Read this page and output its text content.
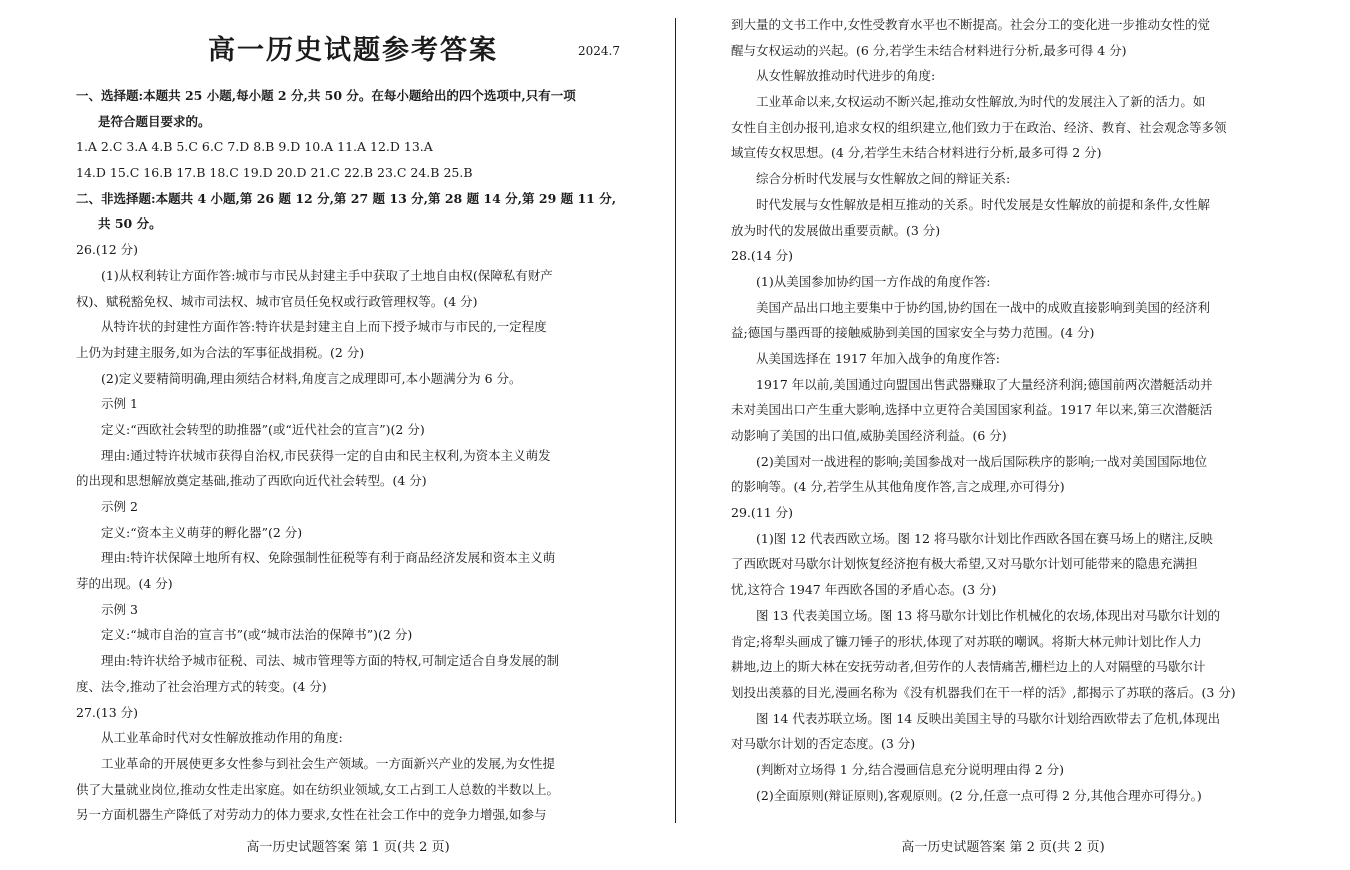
高一历史试题参考答案	2024.7
一、选择题:本题共 25 小题,每小题 2 分,共 50 分。在每小题给出的四个选项中,只有一项
是符合题目要求的。
1.A 2.C 3.A 4.B 5.C 6.C 7.D 8.B 9.D 10.A 11.A 12.D 13.A
14.D 15.C 16.B 17.B 18.C 19.D 20.D 21.C 22.B 23.C 24.B 25.B
二、非选择题:本题共 4 小题,第 26 题 12 分,第 27 题 13 分,第 28 题 14 分,第 29 题 11 分,
共 50 分。
26.(12 分)
(1)从权利转让方面作答:城市与市民从封建主手中获取了土地自由权(保障私有财产
权)、赋税豁免权、城市司法权、城市官员任免权或行政管理权等。(4 分)
从特许状的封建性方面作答:特许状是封建主自上而下授予城市与市民的,一定程度
上仍为封建主服务,如为合法的军事征战捐税。(2 分)
(2)定义要精简明确,理由须结合材料,角度言之成理即可,本小题满分为 6 分。
示例 1
定义:“西欧社会转型的助推器”(或“近代社会的宣言”)(2 分)
理由:通过特许状城市获得自治权,市民获得一定的自由和民主权利,为资本主义萌发
的出现和思想解放奠定基础,推动了西欧向近代社会转型。(4 分)
示例 2
定义:“资本主义萌芽的孵化器”(2 分)
理由:特许状保障土地所有权、免除强制性征税等有利于商品经济发展和资本主义萌
芽的出现。(4 分)
示例 3
定义:“城市自治的宣言书”(或“城市法治的保障书”)(2 分)
理由:特许状给予城市征税、司法、城市管理等方面的特权,可制定适合自身发展的制
度、法令,推动了社会治理方式的转变。(4 分)
27.(13 分)
从工业革命时代对女性解放推动作用的角度:
工业革命的开展使更多女性参与到社会生产领域。一方面新兴产业的发展,为女性提
供了大量就业岗位,推动女性走出家庭。如在纺织业领域,女工占到工人总数的半数以上。
另一方面机器生产降低了对劳动力的体力要求,女性在社会工作中的竞争力增强,如参与
高一历史试题答案 第 1 页(共 2 页)
到大量的文书工作中,女性受教育水平也不断提高。社会分工的变化进一步推动女性的觉
醒与女权运动的兴起。(6 分,若学生未结合材料进行分析,最多可得 4 分)
从女性解放推动时代进步的角度:
工业革命以来,女权运动不断兴起,推动女性解放,为时代的发展注入了新的活力。如
女性自主创办报刊,追求女权的组织建立,他们致力于在政治、经济、教育、社会观念等多领
域宣传女权思想。(4 分,若学生未结合材料进行分析,最多可得 2 分)
综合分析时代发展与女性解放之间的辩证关系:
时代发展与女性解放是相互推动的关系。时代发展是女性解放的前提和条件,女性解
放为时代的发展做出重要贡献。(3 分)
28.(14 分)
(1)从美国参加协约国一方作战的角度作答:
美国产品出口地主要集中于协约国,协约国在一战中的成败直接影响到美国的经济利
益;德国与墨西哥的接触威胁到美国的国家安全与势力范围。(4 分)
从美国选择在 1917 年加入战争的角度作答:
1917 年以前,美国通过向盟国出售武器赚取了大量经济利润;德国前两次潜艇活动并
未对美国出口产生重大影响,选择中立更符合美国国家利益。1917 年以来,第三次潜艇活
动影响了美国的出口值,威胁美国经济利益。(6 分)
(2)美国对一战进程的影响;美国参战对一战后国际秩序的影响;一战对美国国际地位
的影响等。(4 分,若学生从其他角度作答,言之成理,亦可得分)
29.(11 分)
(1)图 12 代表西欧立场。图 12 将马歇尔计划比作西欧各国在赛马场上的赌注,反映
了西欧既对马歇尔计划恢复经济抱有极大希望,又对马歇尔计划可能带来的隐患充满担
忧,这符合 1947 年西欧各国的矛盾心态。(3 分)
图 13 代表美国立场。图 13 将马歇尔计划比作机械化的农场,体现出对马歇尔计划的
肯定;将犁头画成了镰刀锤子的形状,体现了对苏联的嘲讽。将斯大林元帅计划比作人力
耕地,边上的斯大林在安抚劳动者,但劳作的人表情痛苦,栅栏边上的人对隔壁的马歇尔计
划投出羡慕的目光,漫画名称为《没有机器我们在干一样的活》,都揭示了苏联的落后。(3 分)
图 14 代表苏联立场。图 14 反映出美国主导的马歇尔计划给西欧带去了危机,体现出
对马歇尔计划的否定态度。(3 分)
(判断对立场得 1 分,结合漫画信息充分说明理由得 2 分)
(2)全面原则(辩证原则),客观原则。(2 分,任意一点可得 2 分,其他合理亦可得分。)
高一历史试题答案 第 2 页(共 2 页)
